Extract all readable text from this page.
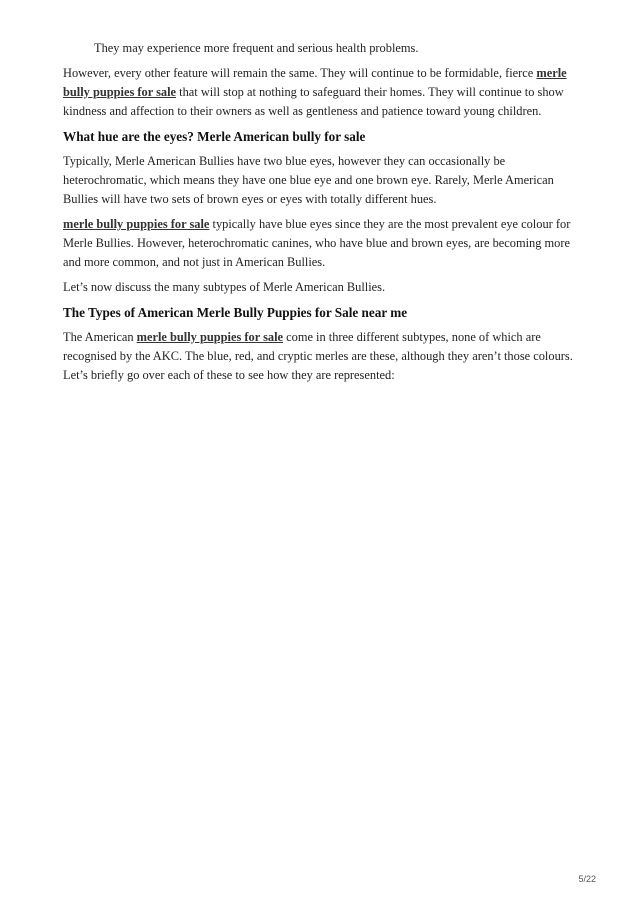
They may experience more frequent and serious health problems.

However, every other feature will remain the same. They will continue to be formidable, fierce merle bully puppies for sale that will stop at nothing to safeguard their homes. They will continue to show kindness and affection to their owners as well as gentleness and patience toward young children.

What hue are the eyes? Merle American bully for sale

Typically, Merle American Bullies have two blue eyes, however they can occasionally be heterochromatic, which means they have one blue eye and one brown eye. Rarely, Merle American Bullies will have two sets of brown eyes or eyes with totally different hues.

merle bully puppies for sale typically have blue eyes since they are the most prevalent eye colour for Merle Bullies. However, heterochromatic canines, who have blue and brown eyes, are becoming more and more common, and not just in American Bullies.

Let’s now discuss the many subtypes of Merle American Bullies.

The Types of American Merle Bully Puppies for Sale near me

The American merle bully puppies for sale come in three different subtypes, none of which are recognised by the AKC. The blue, red, and cryptic merles are these, although they aren’t those colours. Let’s briefly go over each of these to see how they are represented:

5/22
